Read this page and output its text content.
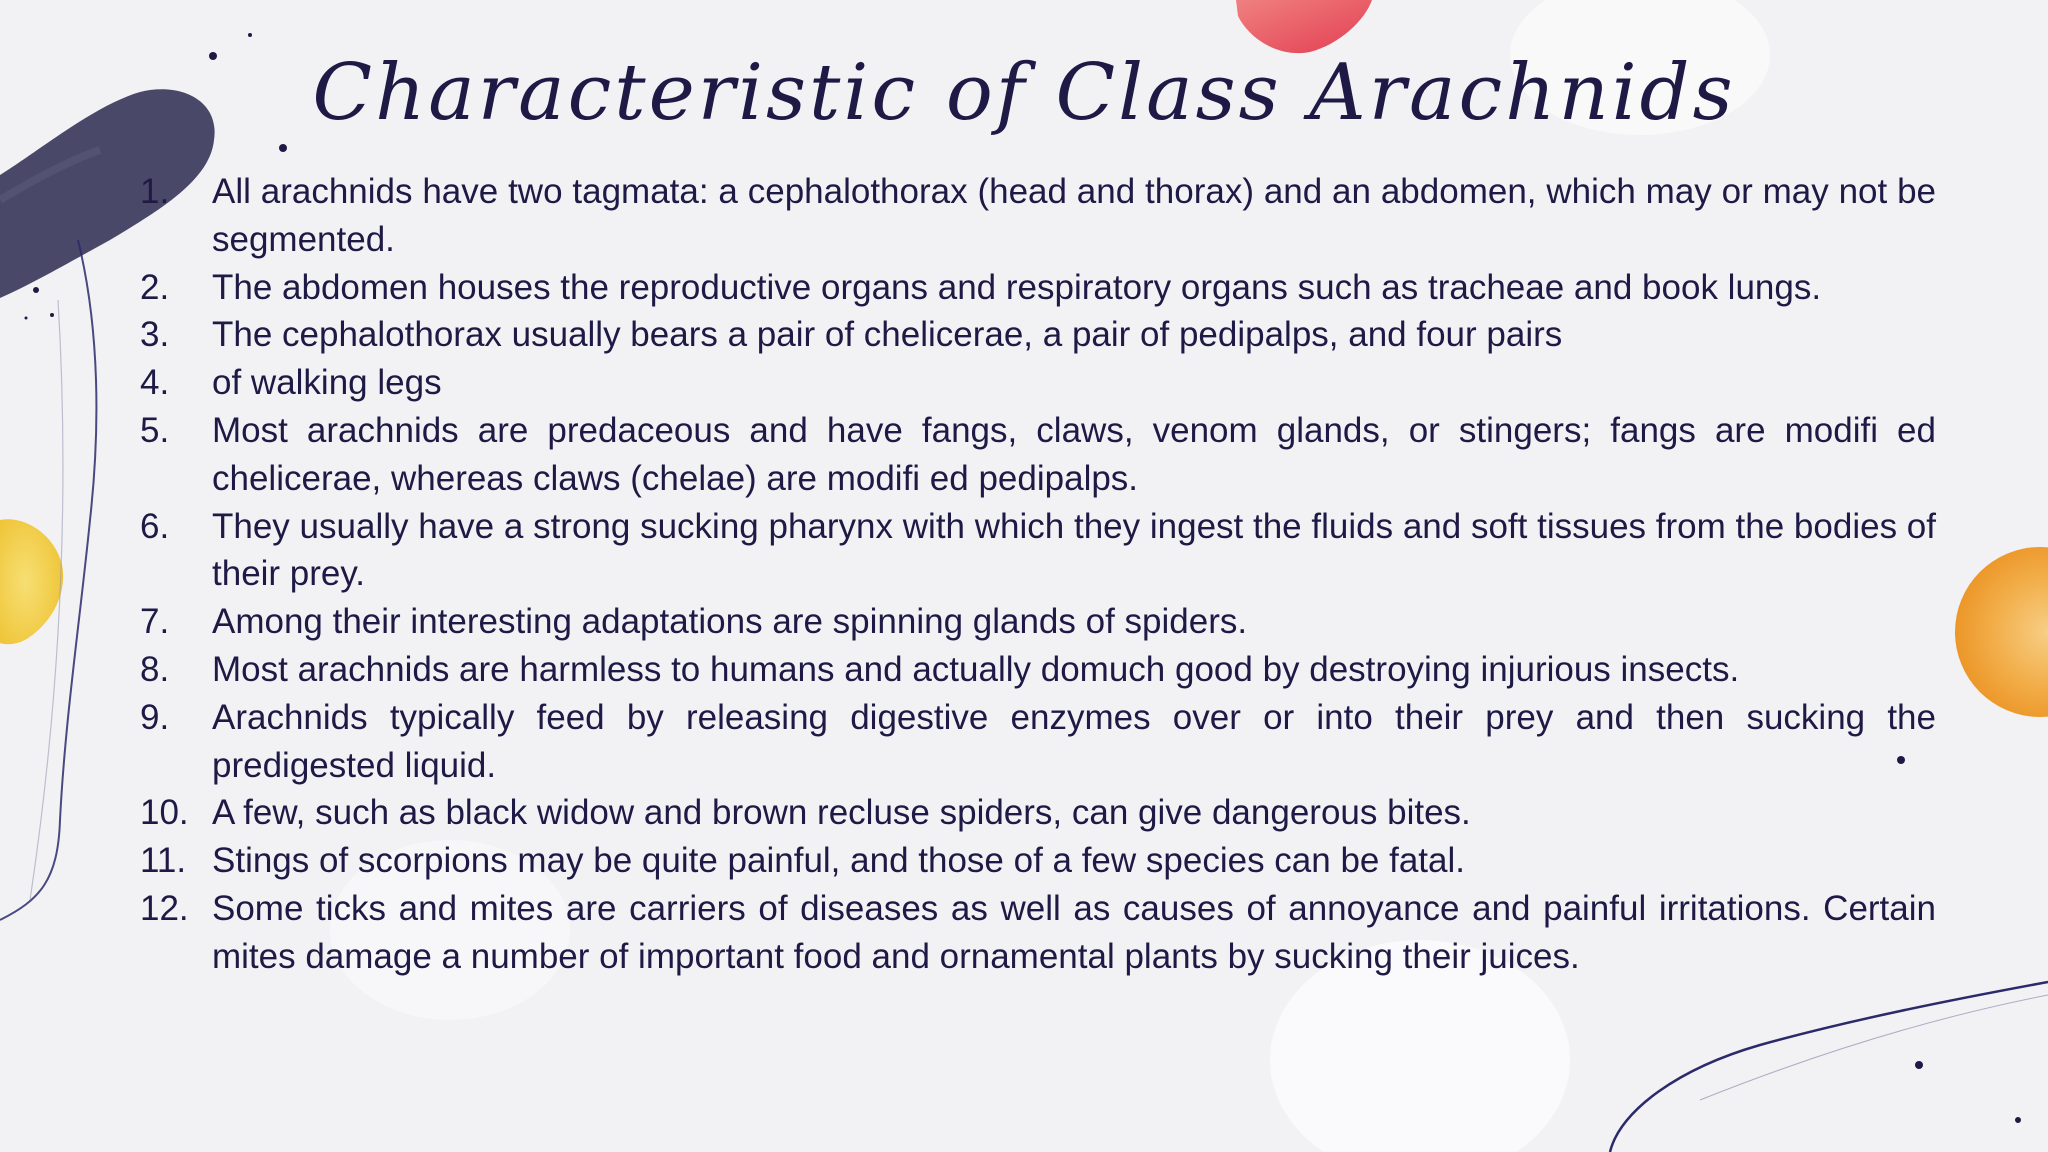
Characteristic of Class Arachnids
1.	All arachnids have two tagmata: a cephalothorax (head and thorax) and an abdomen, which may or may not be segmented.
2.	The abdomen houses the reproductive organs and respiratory organs such as tracheae and book lungs.
3.	The cephalothorax usually bears a pair of chelicerae, a pair of pedipalps, and four pairs
4.	of walking legs
5.	Most arachnids are predaceous and have fangs, claws, venom glands, or stingers; fangs are modifi ed chelicerae, whereas claws (chelae) are modifi ed pedipalps.
6.	They usually have a strong sucking pharynx with which they ingest the fluids and soft tissues from the bodies of their prey.
7.	Among their interesting adaptations are spinning glands of spiders.
8.	Most arachnids are harmless to humans and actually domuch good by destroying injurious insects.
9.	Arachnids typically feed by releasing digestive enzymes over or into their prey and then sucking the predigested liquid.
10. A few, such as black widow and brown recluse spiders, can give dangerous bites.
11. Stings of scorpions may be quite painful, and those of a few species can be fatal.
12. Some ticks and mites are carriers of diseases as well as causes of annoyance and painful irritations. Certain mites damage a number of important food and ornamental plants by sucking their juices.
